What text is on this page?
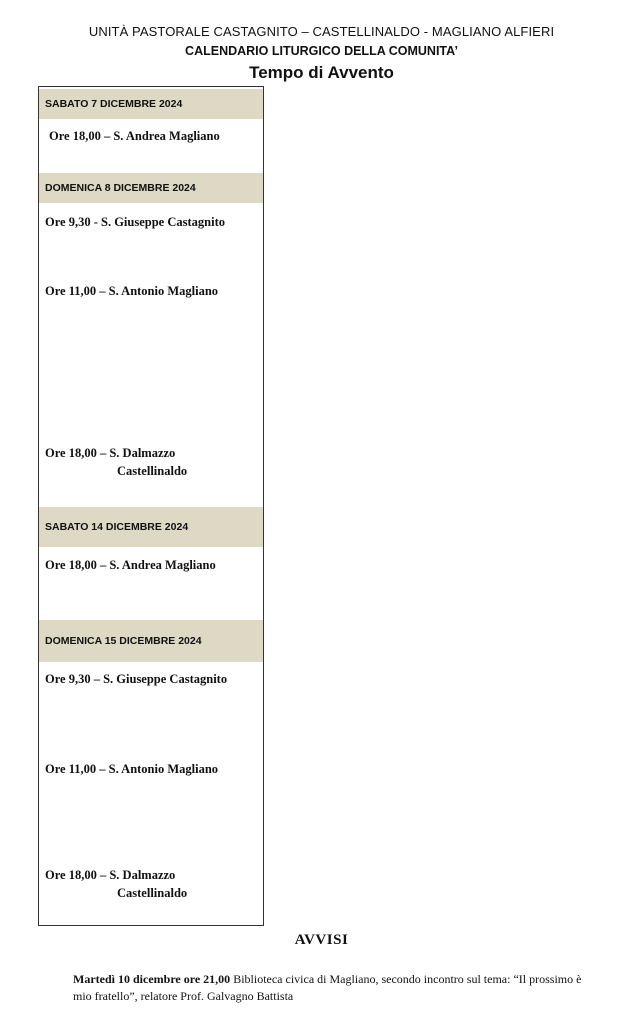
UNITÀ PASTORALE CASTAGNITO – CASTELLINALDO - MAGLIANO ALFIERI
CALENDARIO LITURGICO DELLA COMUNITA’
Tempo di Avvento
SABATO 7 DICEMBRE 2024
Ore 18,00 – S. Andrea Magliano
DOMENICA 8 DICEMBRE 2024
Ore 9,30 - S. Giuseppe Castagnito
Ore 11,00 – S. Antonio Magliano
Ore 18,00 – S. Dalmazzo
Castellinaldo
SABATO 14 DICEMBRE 2024
Ore 18,00 – S. Andrea Magliano
DOMENICA 15 DICEMBRE 2024
Ore 9,30 – S. Giuseppe Castagnito
Ore 11,00 – S. Antonio Magliano
Ore 18,00 – S. Dalmazzo
Castellinaldo
AVVISI
Martedì 10 dicembre ore 21,00 Biblioteca civica di Magliano, secondo incontro sul tema: “Il prossimo è mio fratello”, relatore Prof. Galvagno Battista
